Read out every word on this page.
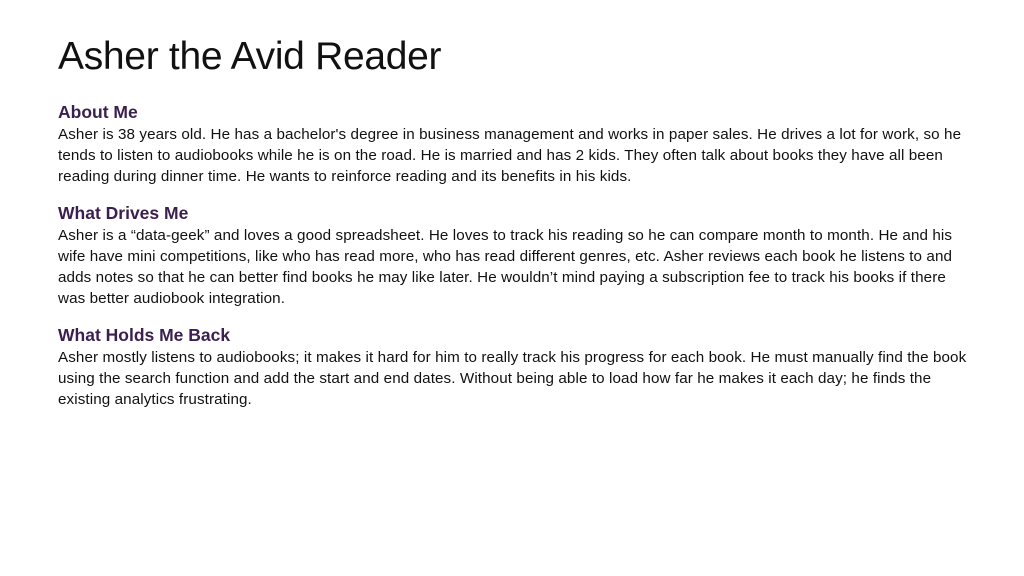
Asher the Avid Reader
About Me

Asher is 38 years old. He has a bachelor's degree in business management and works in paper sales. He drives a lot for work, so he tends to listen to audiobooks while he is on the road. He is married and has 2 kids. They often talk about books they have all been reading during dinner time. He wants to reinforce reading and its benefits in his kids.

What Drives Me

Asher is a “data-geek” and loves a good spreadsheet. He loves to track his reading so he can compare month to month. He and his wife have mini competitions, like who has read more, who has read different genres, etc. Asher reviews each book he listens to and adds notes so that he can better find books he may like later. He wouldn’t mind paying a subscription fee to track his books if there was better audiobook integration.

What Holds Me Back

Asher mostly listens to audiobooks; it makes it hard for him to really track his progress for each book. He must manually find the book using the search function and add the start and end dates. Without being able to load how far he makes it each day; he finds the existing analytics frustrating.
